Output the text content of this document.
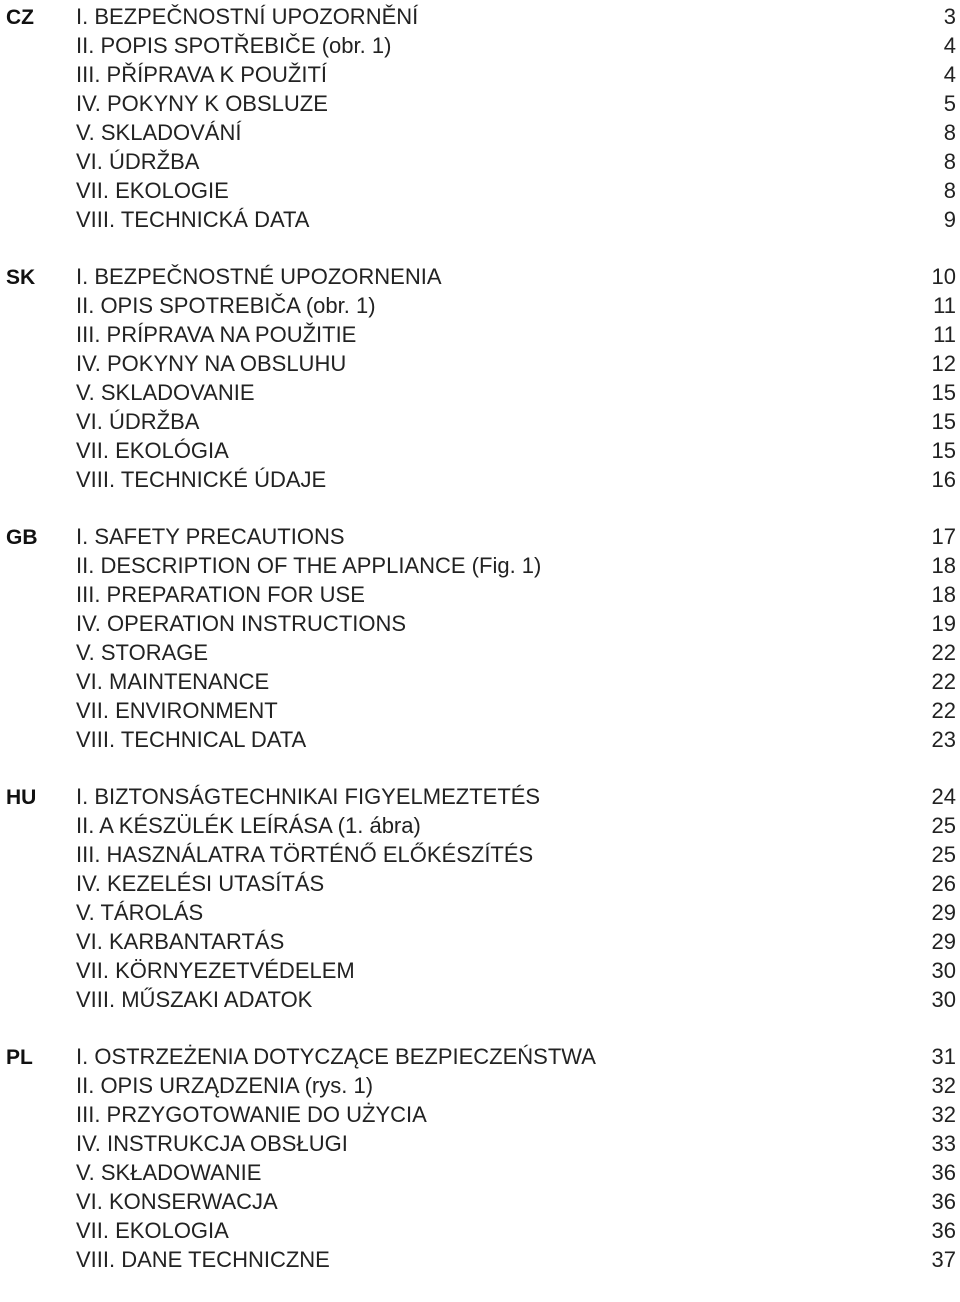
CZ I. BEZPEČNOSTNÍ UPOZORNĚNÍ	3
II. POPIS SPOTŘEBIČE (obr. 1)	4
III. PŘÍPRAVA K POUŽITÍ	4
IV. POKYNY K OBSLUZE	5
V. SKLADOVÁNÍ	8
VI. ÚDRŽBA	8
VII. EKOLOGIE	8
VIII. TECHNICKÁ DATA	9
SK I. BEZPEČNOSTNÉ UPOZORNENIA	10
II. OPIS SPOTREBIČA (obr. 1)	11
III. PRÍPRAVA NA POUŽITIE	11
IV. POKYNY NA OBSLUHU	12
V. SKLADOVANIE	15
VI. ÚDRŽBA	15
VII. EKOLÓGIA	15
VIII. TECHNICKÉ ÚDAJE	16
GB I. SAFETY PRECAUTIONS	17
II. DESCRIPTION OF THE APPLIANCE (Fig. 1)	18
III. PREPARATION FOR USE	18
IV. OPERATION INSTRUCTIONS	19
V. STORAGE	22
VI. MAINTENANCE	22
VII. ENVIRONMENT	22
VIII. TECHNICAL DATA	23
HU I. BIZTONSÁGTECHNIKAI FIGYELMEZTETÉS	24
II. A KÉSZÜLÉK LEÍRÁSA (1. ábra)	25
III. HASZNÁLATRA TÖRTÉNŐ ELŐKÉSZÍTÉS	25
IV. KEZELÉSI UTASÍTÁS	26
V. TÁROLÁS	29
VI. KARBANTARTÁS	29
VII. KÖRNYEZETVÉDELEM	30
VIII. MŰSZAKI ADATOK	30
PL I. OSTRZEŻENIA DOTYCZĄCE BEZPIECZEŃSTWA	31
II. OPIS URZĄDZENIA (rys. 1)	32
III. PRZYGOTOWANIE DO UŻYCIA	32
IV. INSTRUKCJA OBSŁUGI	33
V. SKŁADOWANIE	36
VI. KONSERWACJA	36
VII. EKOLOGIA	36
VIII. DANE TECHNICZNE	37
